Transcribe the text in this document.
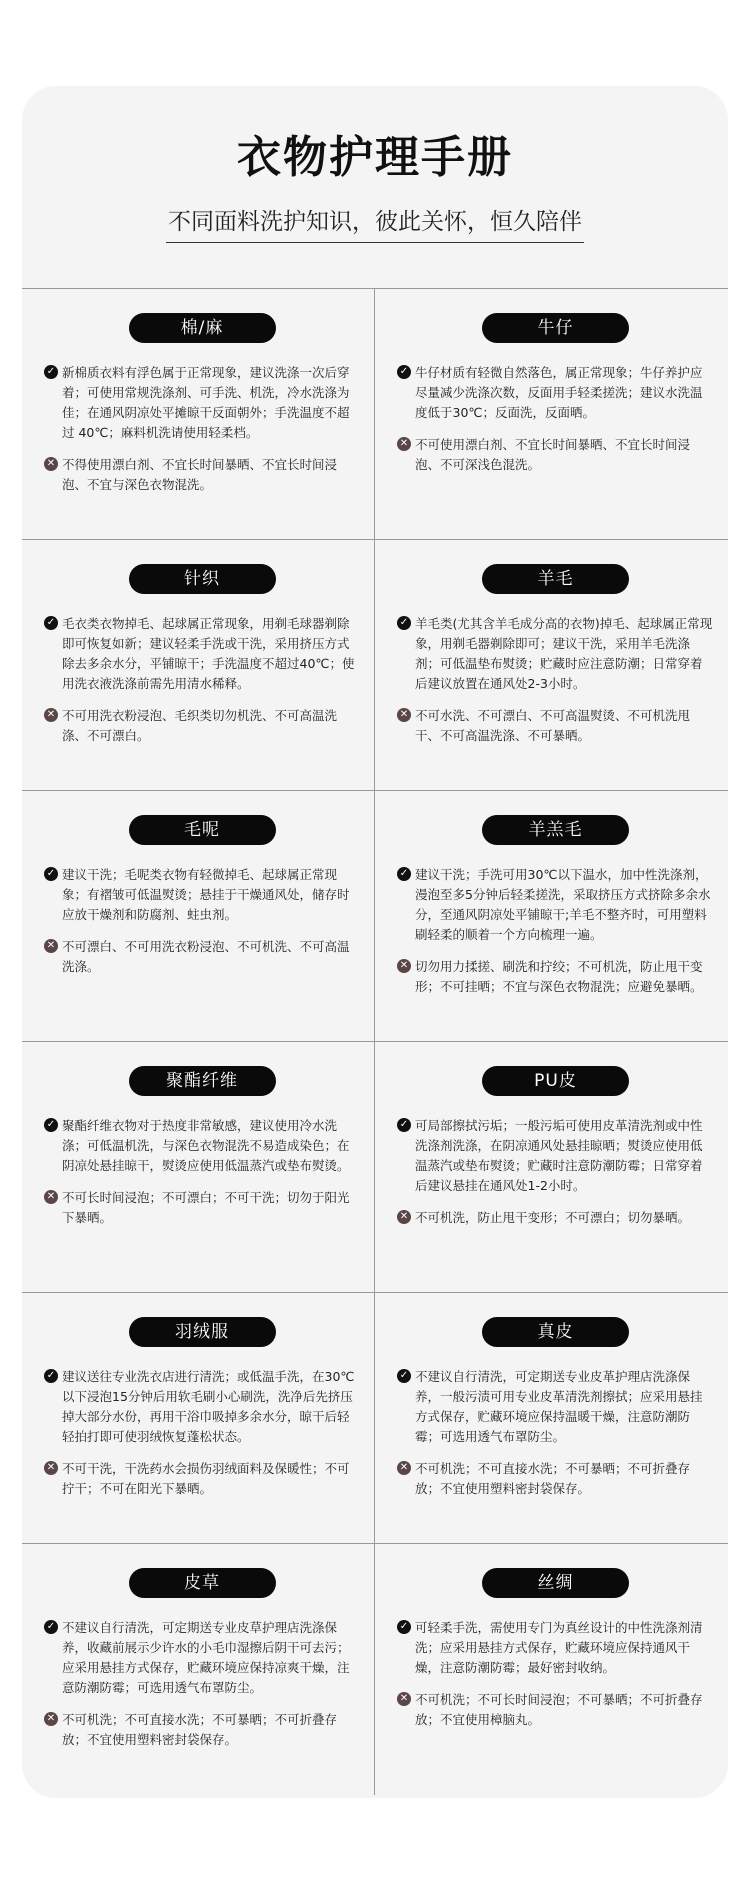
衣物护理手册
不同面料洗护知识，彼此关怀，恒久陪伴
棉/麻
✓ 新棉质衣料有浮色属于正常现象，建议洗涤一次后穿着；可使用常规洗涤剂、可手洗、机洗，冷水洗涤为佳；在通风阴凉处平摊晾干反面朝外；手洗温度不超过 40℃；麻料机洗请使用轻柔档。
✕ 不得使用漂白剂、不宜长时间暴晒、不宜长时间浸泡、不宜与深色衣物混洗。
牛仔
✓ 牛仔材质有轻微自然落色，属正常现象；牛仔养护应尽量减少洗涤次数，反面用手轻柔搓洗；建议水洗温度低于30℃；反面洗，反面晒。
✕ 不可使用漂白剂、不宜长时间暴晒、不宜长时间浸泡、不可深浅色混洗。
针织
✓ 毛衣类衣物掉毛、起球属正常现象，用剃毛球器剃除即可恢复如新；建议轻柔手洗或干洗，采用挤压方式除去多余水分，平铺晾干；手洗温度不超过40℃；使用洗衣液洗涤前需先用清水稀释。
✕ 不可用洗衣粉浸泡、毛织类切勿机洗、不可高温洗涤、不可漂白。
羊毛
✓ 羊毛类(尤其含羊毛成分高的衣物)掉毛、起球属正常现象，用剃毛器剃除即可；建议干洗，采用羊毛洗涤剂；可低温垫布熨烫；贮藏时应注意防潮；日常穿着后建议放置在通风处2-3小时。
✕ 不可水洗、不可漂白、不可高温熨烫、不可机洗甩干、不可高温洗涤、不可暴晒。
毛呢
✓ 建议干洗；毛呢类衣物有轻微掉毛、起球属正常现象；有褶皱可低温熨烫；悬挂于干燥通风处，储存时应放干燥剂和防腐剂、蛀虫剂。
✕ 不可漂白、不可用洗衣粉浸泡、不可机洗、不可高温洗涤。
羊羔毛
✓ 建议干洗；手洗可用30℃以下温水，加中性洗涤剂，漫泡至多5分钟后轻柔搓洗，采取挤压方式挤除多余水分，至通风阴凉处平铺晾干;羊毛不整齐时，可用塑料刷轻柔的顺着一个方向梳理一遍。
✕ 切勿用力揉搓、刷洗和拧绞；不可机洗，防止甩干变形；不可挂晒；不宜与深色衣物混洗；应避免暴晒。
聚酯纤维
✓ 聚酯纤维衣物对于热度非常敏感，建议使用冷水洗涤；可低温机洗，与深色衣物混洗不易造成染色；在阴凉处悬挂晾干，熨烫应使用低温蒸汽或垫布熨烫。
✕ 不可长时间浸泡；不可漂白；不可干洗；切勿于阳光下暴晒。
PU皮
✓ 可局部擦拭污垢；一般污垢可使用皮革清洗剂或中性洗涤剂洗涤，在阴凉通风处悬挂晾晒；熨烫应使用低温蒸汽或垫布熨烫；贮藏时注意防潮防霉；日常穿着后建议悬挂在通风处1-2小时。
✕ 不可机洗，防止甩干变形；不可漂白；切勿暴晒。
羽绒服
✓ 建议送往专业洗衣店进行清洗；或低温手洗，在30℃以下浸泡15分钟后用软毛刷小心刷洗，洗净后先挤压掉大部分水份，再用干浴巾吸掉多余水分，晾干后轻轻拍打即可使羽绒恢复蓬松状态。
✕ 不可干洗，干洗药水会损伤羽绒面料及保暖性；不可拧干；不可在阳光下暴晒。
真皮
✓ 不建议自行清洗，可定期送专业皮革护理店洗涤保养，一般污渍可用专业皮革清洗剂擦拭；应采用悬挂方式保存，贮藏环境应保持温暖干燥，注意防潮防霉；可选用透气布罩防尘。
✕ 不可机洗；不可直接水洗；不可暴晒；不可折叠存放；不宜使用塑料密封袋保存。
皮草
✓ 不建议自行清洗，可定期送专业皮草护理店洗涤保养，收藏前展示少许水的小毛巾湿擦后阴干可去污；应采用悬挂方式保存，贮藏环境应保持凉爽干燥，注意防潮防霉；可选用透气布罩防尘。
✕ 不可机洗；不可直接水洗；不可暴晒；不可折叠存放；不宜使用塑料密封袋保存。
丝绸
✓ 可轻柔手洗，需使用专门为真丝设计的中性洗涤剂清洗；应采用悬挂方式保存，贮藏环境应保持通风干燥，注意防潮防霉；最好密封收纳。
✕ 不可机洗；不可长时间浸泡；不可暴晒；不可折叠存放；不宜使用樟脑丸。
